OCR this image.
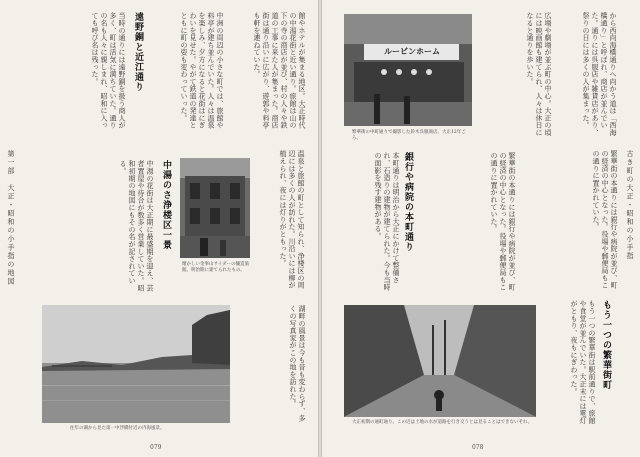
館やホテルが集まる地区。大正時代の中湯花街と近い通り。旅館は山の下の寺の商店が並び、村の人々や鉄道の工事に来た人が集まった。商店街は通り沿いに広がり、遊郭や料亭も軒を連ねていた。
中洲の周辺の小さな町では、旅館や料亭が建ち並んでいた。人々は温泉を楽しみ、夕方になると花街はにぎわいを見せた。やがて鉄道の発達とともに町の姿も変わっていった。
遠野銅と近江通り
当時の通りには遠野銅を扱う商人が多く、町は活気に満ちていた。通りの名も人々に親しまれ、昭和に入っても呼び名は残った。
第一部　大正・昭和の小手指の地図	温泉と旅館の町として知られ、浄楼区の周辺には多くの人が訪れた。川沿いには柳が植えられ、夜には灯りがともった。
懐かしい金事山サイダーの醸造旅館。明治期に建てられたもの。
中湯のさ浄楼区一景
中湯の花街は大正期に最盛期を迎え、芸者置屋や待合が数多く営業していた。昭和初期の地図にもその名が記されている。
往年の湖から見た第一中浮橋付近の内海風景。
湖畔の風景は今も昔も変わらず、多くの写真家がこの地を訪れた。
079
ルービンホーム
繁華街の中町通りで撮影した鈴木呉服商店。大正12年ごろ。
から西向海橋通りへ向かう道は「西海橋通り」と呼ばれ、商店が並んでいた。通りには呉服店や雑貨店があり、祭りの日には多くの人が集まった。
広場や劇場が並ぶ町の中心。大正の頃には映画館も建てられ、人々は休日になると通りを歩いた。
古き町の大正・昭和の小手指
繁華街の本通りには銀行や病院が並び、町の経済の中心となった。役場や郵便局もこの通りに置かれていた。
銀行や病院の本町通り
本町通りは明治から大正にかけて整備され、石造りの建物が建てられた。今も当時の面影を残す建物がある。	繁華街の本通りには銀行や病院が並び、町の経済の中心となった。役場や郵便局もこの通りに置かれていた。
大正初期の通町通り。この辺は土地の水が道路を行き交うとは見ることはできないそれ。
もう一つの繁華街町
もう一つの繁華街は駅前通りで、旅館や食堂が並んでいた。大正末には電灯がともり、夜もにぎわった。
078
